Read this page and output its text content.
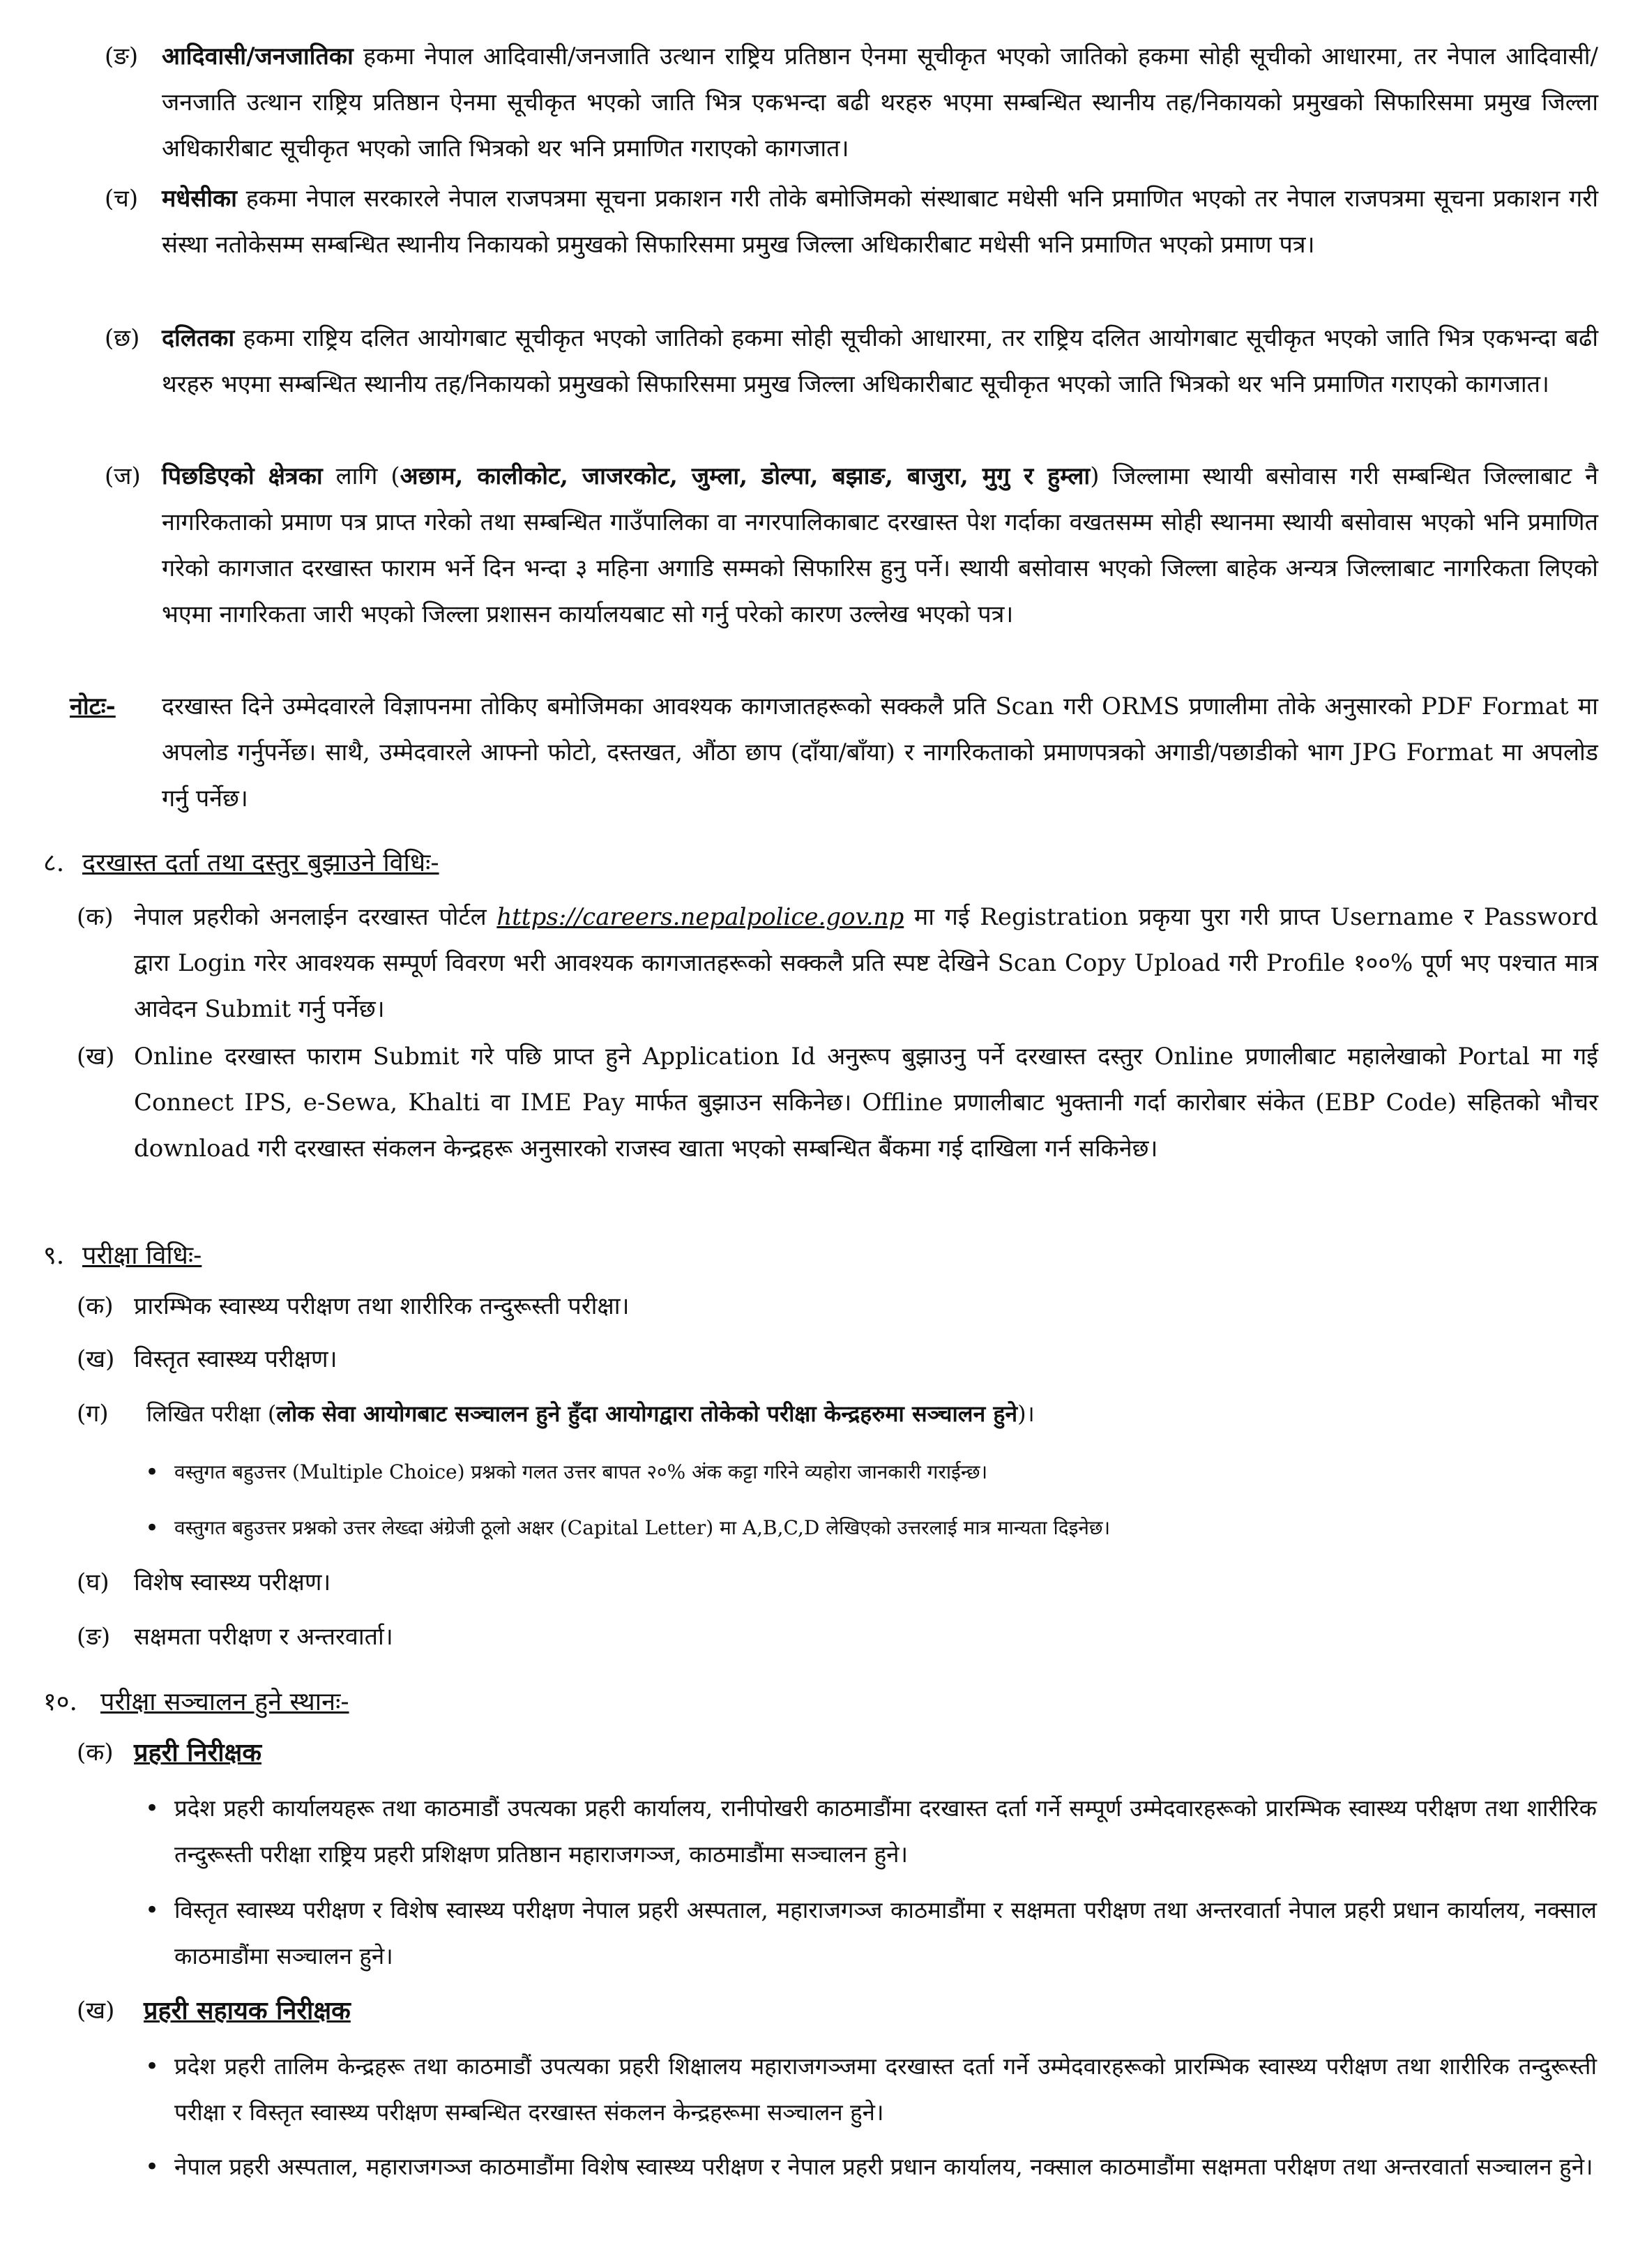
(ङ) आदिवासी/जनजातिका हकमा नेपाल आदिवासी/जनजाति उत्थान राष्ट्रिय प्रतिष्ठान ऐनमा सूचीकृत भएको जातिको हकमा सोही सूचीको आधारमा, तर नेपाल आदिवासी/जनजाति उत्थान राष्ट्रिय प्रतिष्ठान ऐनमा सूचीकृत भएको जाति भित्र एकभन्दा बढी थरहरु भएमा सम्बन्धित स्थानीय तह/निकायको प्रमुखको सिफारिसमा प्रमुख जिल्ला अधिकारीबाट सूचीकृत भएको जाति भित्रको थर भनि प्रमाणित गराएको कागजात।
(च) मधेसीका हकमा नेपाल सरकारले नेपाल राजपत्रमा सूचना प्रकाशन गरी तोके बमोजिमको संस्थाबाट मधेसी भनि प्रमाणित भएको तर नेपाल राजपत्रमा सूचना प्रकाशन गरी संस्था नतोकेसम्म सम्बन्धित स्थानीय निकायको प्रमुखको सिफारिसमा प्रमुख जिल्ला अधिकारीबाट मधेसी भनि प्रमाणित भएको प्रमाण पत्र।
(छ) दलितका हकमा राष्ट्रिय दलित आयोगबाट सूचीकृत भएको जातिको हकमा सोही सूचीको आधारमा, तर राष्ट्रिय दलित आयोगबाट सूचीकृत भएको जाति भित्र एकभन्दा बढी थरहरु भएमा सम्बन्धित स्थानीय तह/निकायको प्रमुखको सिफारिसमा प्रमुख जिल्ला अधिकारीबाट सूचीकृत भएको जाति भित्रको थर भनि प्रमाणित गराएको कागजात।
(ज) पिछडिएको क्षेत्रका लागि (अछाम, कालीकोट, जाजरकोट, जुम्ला, डोल्पा, बझाङ, बाजुरा, मुगु र हुम्ला) जिल्लामा स्थायी बसोवास गरी सम्बन्धित जिल्लाबाट नै नागरिकताको प्रमाण पत्र प्राप्त गरेको तथा सम्बन्धित गाउँपालिका वा नगरपालिकाबाट दरखास्त पेश गर्दाका वखतसम्म सोही स्थानमा स्थायी बसोवास भएको भनि प्रमाणित गरेको कागजात दरखास्त फाराम भर्ने दिन भन्दा ३ महिना अगाडि सम्मको सिफारिस हुनु पर्ने। स्थायी बसोवास भएको जिल्ला बाहेक अन्यत्र जिल्लाबाट नागरिकता लिएको भएमा नागरिकता जारी भएको जिल्ला प्रशासन कार्यालयबाट सो गर्नु परेको कारण उल्लेख भएको पत्र।
नोटः- दरखास्त दिने उम्मेदवारले विज्ञापनमा तोकिए बमोजिमका आवश्यक कागजातहरूको सक्कलै प्रति Scan गरी ORMS प्रणालीमा तोके अनुसारको PDF Format मा अपलोड गर्नुपर्नेछ। साथै, उम्मेदवारले आफ्नो फोटो, दस्तखत, औंठा छाप (दाँया/बाँया) र नागरिकताको प्रमाणपत्रको अगाडी/पछाडीको भाग JPG Format मा अपलोड गर्नु पर्नेछ।
८. दरखास्त दर्ता तथा दस्तुर बुझाउने विधिः-
(क) नेपाल प्रहरीको अनलाईन दरखास्त पोर्टल https://careers.nepalpolice.gov.np मा गई Registration प्रकृया पुरा गरी प्राप्त Username र Password द्वारा Login गरेर आवश्यक सम्पूर्ण विवरण भरी आवश्यक कागजातहरूको सक्कलै प्रति स्पष्ट देखिने Scan Copy Upload गरी Profile १००% पूर्ण भए पश्चात मात्र आवेदन Submit गर्नु पर्नेछ।
(ख) Online दरखास्त फाराम Submit गरे पछि प्राप्त हुने Application Id अनुरूप बुझाउनु पर्ने दरखास्त दस्तुर Online प्रणालीबाट महालेखाको Portal मा गई Connect IPS, e-Sewa, Khalti वा IME Pay मार्फत बुझाउन सकिनेछ। Offline प्रणालीबाट भुक्तानी गर्दा कारोबार संकेत (EBP Code) सहितको भौचर download गरी दरखास्त संकलन केन्द्रहरू अनुसारको राजस्व खाता भएको सम्बन्धित बैंकमा गई दाखिला गर्न सकिनेछ।
९. परीक्षा विधिः-
(क) प्रारम्भिक स्वास्थ्य परीक्षण तथा शारीरिक तन्दुरूस्ती परीक्षा।
(ख) विस्तृत स्वास्थ्य परीक्षण।
(ग) लिखित परीक्षा (लोक सेवा आयोगबाट सञ्चालन हुने हुँदा आयोगद्वारा तोकेको परीक्षा केन्द्रहरुमा सञ्चालन हुने)।
• वस्तुगत बहुउत्तर (Multiple Choice) प्रश्नको गलत उत्तर बापत २०% अंक कट्टा गरिने व्यहोरा जानकारी गराईन्छ।
• वस्तुगत बहुउत्तर प्रश्नको उत्तर लेख्दा अंग्रेजी ठूलो अक्षर (Capital Letter) मा A,B,C,D लेखिएको उत्तरलाई मात्र मान्यता दिइनेछ।
(घ) विशेष स्वास्थ्य परीक्षण।
(ङ) सक्षमता परीक्षण र अन्तरवार्ता।
१०. परीक्षा सञ्चालन हुने स्थानः-
(क) प्रहरी निरीक्षक
• प्रदेश प्रहरी कार्यालयहरू तथा काठमाडौं उपत्यका प्रहरी कार्यालय, रानीपोखरी काठमाडौंमा दरखास्त दर्ता गर्ने सम्पूर्ण उम्मेदवारहरूको प्रारम्भिक स्वास्थ्य परीक्षण तथा शारीरिक तन्दुरूस्ती परीक्षा राष्ट्रिय प्रहरी प्रशिक्षण प्रतिष्ठान महाराजगञ्ज, काठमाडौंमा सञ्चालन हुने।
• विस्तृत स्वास्थ्य परीक्षण र विशेष स्वास्थ्य परीक्षण नेपाल प्रहरी अस्पताल, महाराजगञ्ज काठमाडौंमा र सक्षमता परीक्षण तथा अन्तरवार्ता नेपाल प्रहरी प्रधान कार्यालय, नक्साल काठमाडौंमा सञ्चालन हुने।
(ख) प्रहरी सहायक निरीक्षक
• प्रदेश प्रहरी तालिम केन्द्रहरू तथा काठमाडौं उपत्यका प्रहरी शिक्षालय महाराजगञ्जमा दरखास्त दर्ता गर्ने उम्मेदवारहरूको प्रारम्भिक स्वास्थ्य परीक्षण तथा शारीरिक तन्दुरूस्ती परीक्षा र विस्तृत स्वास्थ्य परीक्षण सम्बन्धित दरखास्त संकलन केन्द्रहरूमा सञ्चालन हुने।
• नेपाल प्रहरी अस्पताल, महाराजगञ्ज काठमाडौंमा विशेष स्वास्थ्य परीक्षण र नेपाल प्रहरी प्रधान कार्यालय, नक्साल काठमाडौंमा सक्षमता परीक्षण तथा अन्तरवार्ता सञ्चालन हुने।
